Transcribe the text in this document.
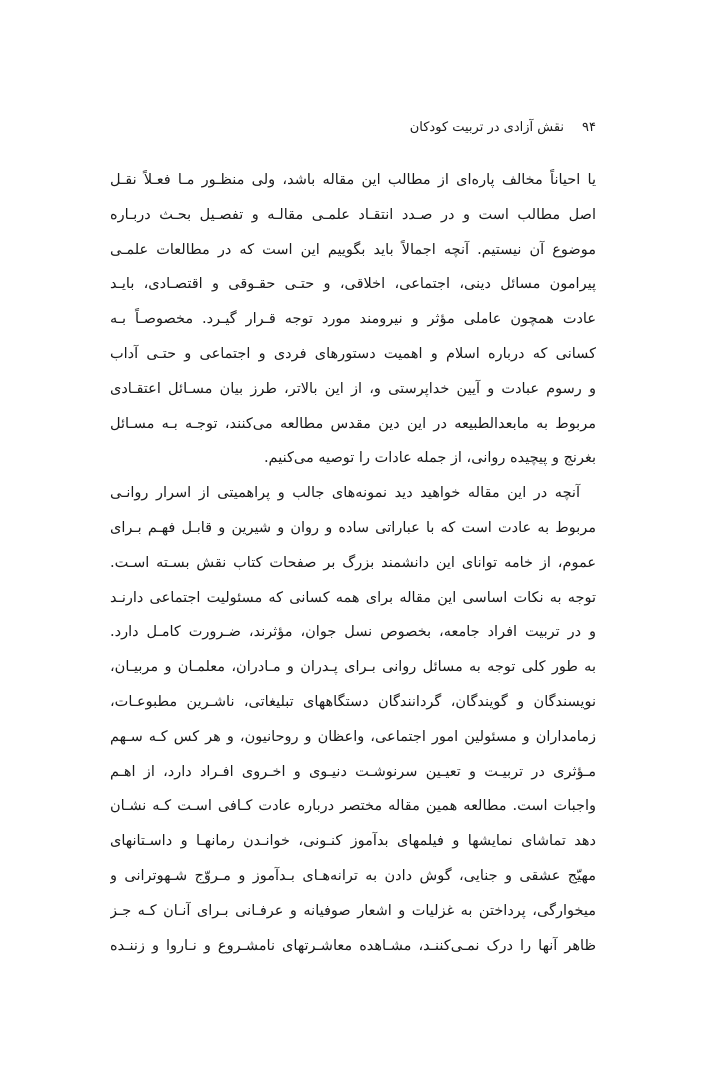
۹۴
نقش آزادی در تربیت کودکان
یا احیاناً مخالف پاره‌ای از مطالب این مقاله باشد، ولی منظـور مـا فعـلاً نقـل
اصل مطالب است و در صـدد انتقـاد علمـی مقالـه و تفصـیل بحـث دربـاره
موضوع آن نیستیم. آنچه اجمالاً باید بگوییم این است که در مطالعات علمـی
پیرامون مسائل دینی، اجتماعی، اخلاقی، و حتـی حقـوقی و اقتصـادی، بایـد
عادت همچون عاملی مؤثر و نیرومند مورد توجه قـرار گیـرد. مخصوصـاً بـه
کسانی که درباره اسلام و اهمیت دستورهای فردی و اجتماعی و حتـی آداب
و رسوم عبادت و آیین خداپرستی و، از این بالاتر، طرز بیان مسـائل اعتقـادی
مربوط به مابعدالطبیعه در این دین مقدس مطالعه می‌کنند، توجـه بـه مسـائل
بغرنج و پیچیده روانی، از جمله عادات را توصیه می‌کنیم.
آنچه در این مقاله خواهید دید نمونه‌های جالب و پراهمیتی از اسرار روانـی
مربوط به عادت است که با عباراتی ساده و روان و شیرین و قابـل فهـم بـرای
عموم، از خامه توانای این دانشمند بزرگ بر صفحات کتاب نقش بسـته اسـت.
توجه به نکات اساسی این مقاله برای همه کسانی که مسئولیت اجتماعی دارنـد
و در تربیت افراد جامعه، بخصوص نسل جوان، مؤثرند، ضـرورت کامـل دارد.
به طور کلی توجه به مسائل روانی بـرای پـدران و مـادران، معلمـان و مربیـان،
نویسندگان و گویندگان، گردانندگان دستگاههای تبلیغاتی، ناشـرین مطبوعـات،
زمامداران و مسئولین امور اجتماعی، واعظان و روحانیون، و هر کس کـه سـهم
مـؤثری در تربیـت و تعیـین سرنوشـت دنیـوی و اخـروی افـراد دارد، از اهـم
واجبات است. مطالعه همین مقاله مختصر درباره عادت کـافی اسـت کـه نشـان
دهد تماشای نمایشها و فیلمهای بدآموز کنـونی، خوانـدن رمانهـا و داسـتانهای
مهیّج عشقی و جنایی، گوش دادن به ترانه‌هـای بـدآموز و مـروّج شـهوترانی و
میخوارگی، پرداختن به غزلیات و اشعار صوفیانه و عرفـانی بـرای آنـان کـه جـز
ظاهر آنها را درک نمـی‌کننـد، مشـاهده معاشـرتهای نامشـروع و نـاروا و زننـده
